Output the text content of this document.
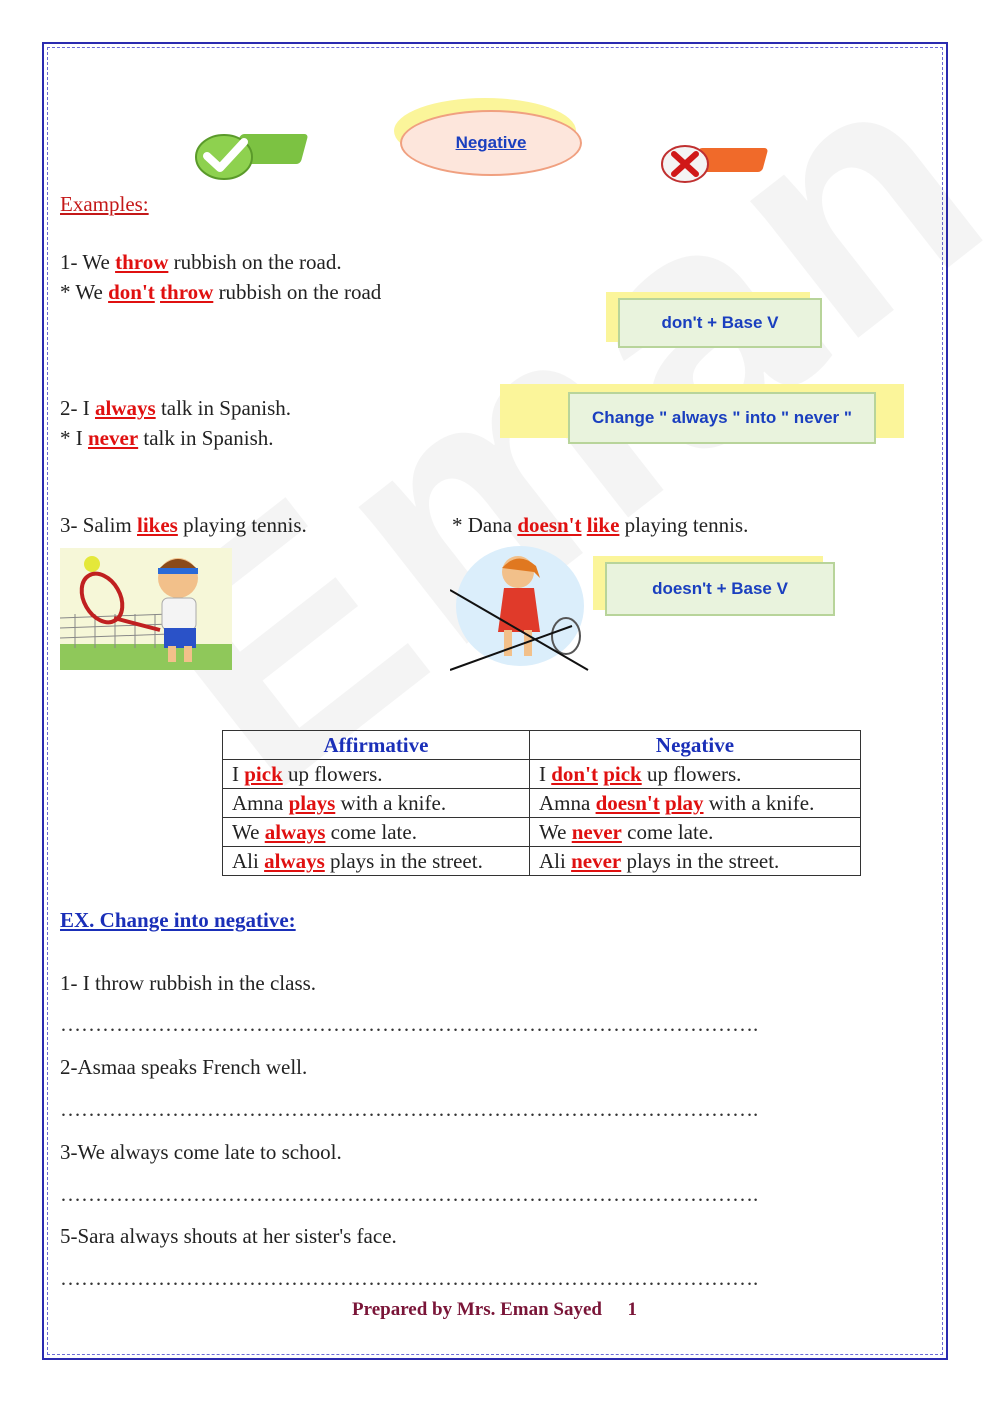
Negative
Examples:
1- We throw rubbish on the road.
* We don't throw rubbish on the road
don't + Base V
2- I always talk in Spanish.
* I never talk in Spanish.
Change " always " into " never "
3- Salim likes playing tennis.	* Dana doesn't like playing tennis.
doesn't + Base V
Affirmative	Negative
I pick up flowers.	I don't pick up flowers.
Amna plays with a knife.	Amna doesn't play with a knife.
We always come late.	We never come late.
Ali always plays in the street.	Ali never plays in the street.
EX. Change into negative:
1- I throw rubbish in the class.
……………………………………………………………………………………….
2-Asmaa speaks French well.
……………………………………………………………………………………….
3-We always come late to school.
……………………………………………………………………………………….
5-Sara always shouts at her sister's face.
……………………………………………………………………………………….
Prepared by Mrs. Eman Sayed 1
